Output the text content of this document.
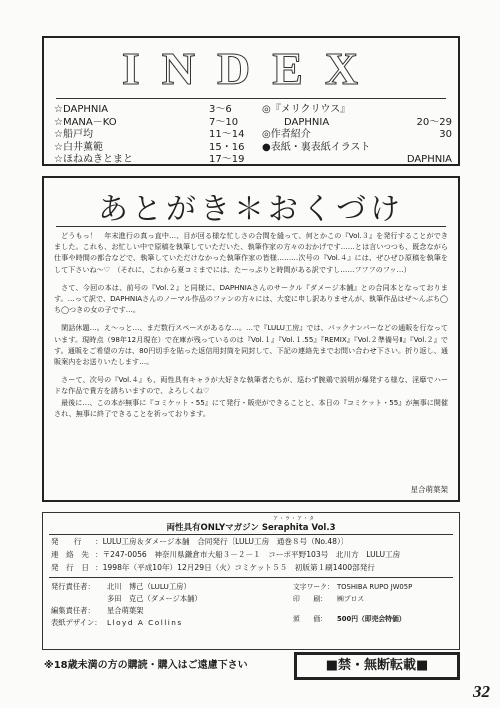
INDEX
☆DAPHNIA	3～6
☆MANA－KO	7～10
☆船戸均	11～14
☆白井薫範	15・16
☆ほねぬきとまと	17～19
◎『メリクリウス』
DAPHNIA	20～29
◎作者紹介	30
●表紙・裏表紙イラスト
DAPHNIA
あとがき＊おくづけ

どうもっ！　年末進行の真っ直中…、目が回る様な忙しさの合間を縫って、何とかこの『Vol.３』を発行することができました。これも、お忙しい中で原稿を執筆していただいた、執筆作家の方々のおかげです……とは言いつつも、既念ながら仕事や時間の都合などで、執筆していただけなかった執筆作家の皆様………次号の『Vol.４』には、ぜひぜひ原稿を執筆をして下さいね～♡　（それに、これから夏コミまでには、たーっぷりと時間がある訳ですし……フフフのフッ…）

さて、今回の本は、前号の『Vol.２』と同様に、DAPHNIAさんのサークル『ダメージ本舗』との合同本となっております。…って訳で、DAPHNIAさんのノーマル作品のファンの方々には、大変に申し訳ありませんが、執筆作品はぜ～んぶち◯ち◯つきの女の子です…。

閑話休題…。え～っと…、まだ数行スペースがあるな…。…で『LULU工房』では、バックナンバーなどの通販を行なっています。現時点（98年12月現在）で在庫が残っているのは『Vol.１』『Vol.１.55』『REMIX』『Vol.２準備号Ⅱ』『Vol.２』です。通販をご希望の方は、80円切手を貼った返信用封筒を同封して、下記の連絡先までお問い合わせ下さい。折り返し、通販案内をお送りいたします…。

さーて、次号の『Vol.４』も、両性具有キャラが大好きな執筆者たちが、巡わず腕鶏で説明が爆発する様な、淫靡でハードな作品で貴方を誘ちいますので、よろしくね♡

最後に…、この本が無事に『コミケット・55』にて発行・販売ができることと、本日の『コミケット・55』が無事に開催され、無事に終了できることを祈っております。

星合萌葉架
ア・ラ・ア・タ
両性具有ONLYマガジン Seraphita Vol.3
発　　行 ：LULU工房＆ダメージ本舗　合同発行〔LULU工房　通巻８号（No.48）〕
連　絡　先 ：〒247-0056　神奈川県鎌倉市大船３－２－１　コーポ平野103号　北川方　LULU工房
発　行　日 ：1998年（平成10年）12月29日（火）コミケット５５　初版第１刷1400部発行
発行責任者： 北川　博己（LULU工房）
多田　克己（ダメージ本舗）
編集責任者： 星合萌葉架
表紙デザイン： Lloyd A Collins
文字ワーク： TOSHIBA RUPO JW05P
印　　刷： ㈱プロス
頒　　価： 500円（即売会特価）
※18歳未満の方の購読・購入はご遠慮下さい	■禁・無断転載■
32
